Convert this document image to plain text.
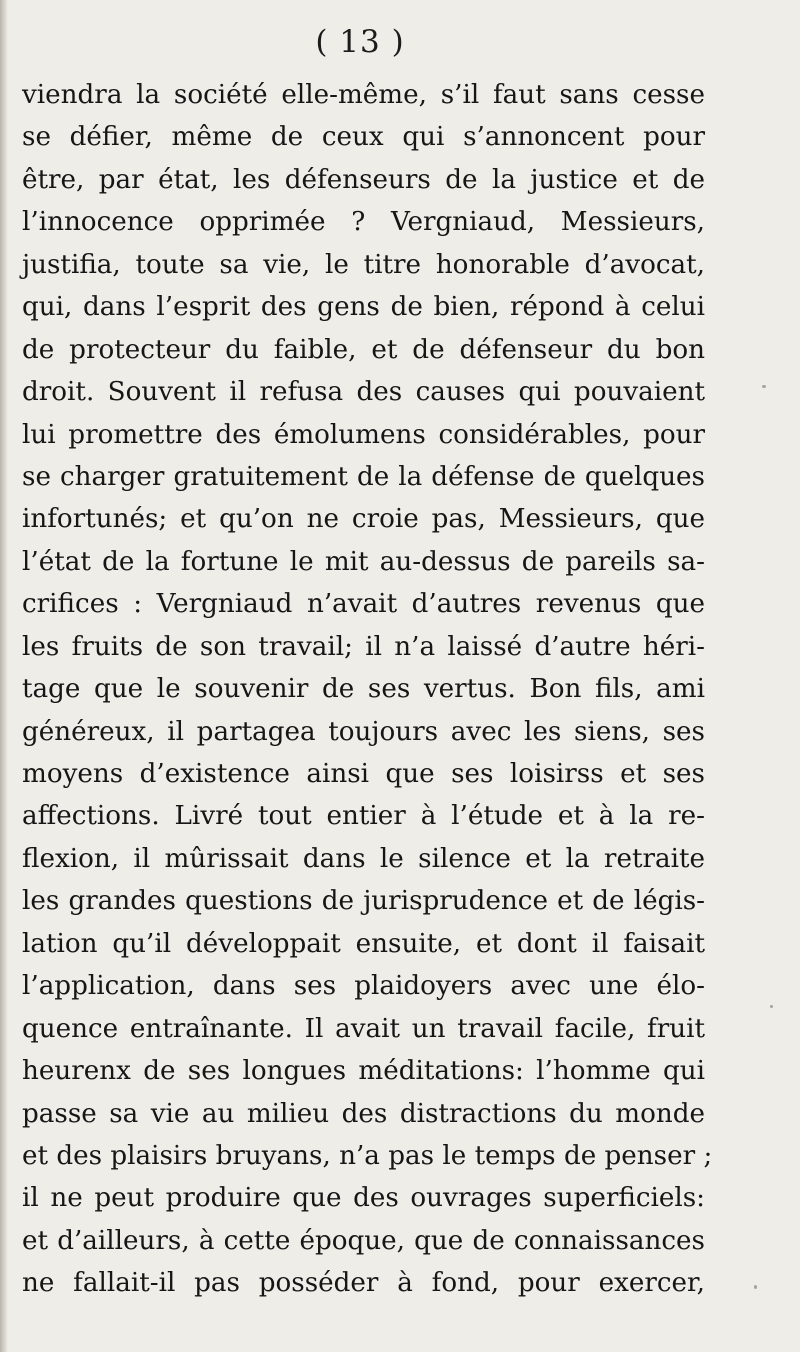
( 13 )

viendra la société elle-même, s’il faut sans cesse
se défier, même de ceux qui s’annoncent pour
être, par état, les défenseurs de la justice et de
l’innocence opprimée ? Vergniaud, Messieurs,
justifia, toute sa vie, le titre honorable d’avocat,
qui, dans l’esprit des gens de bien, répond à celui
de protecteur du faible, et de défenseur du bon
droit. Souvent il refusa des causes qui pouvaient
lui promettre des émolumens considérables, pour
se charger gratuitement de la défense de quelques
infortunés; et qu’on ne croie pas, Messieurs, que
l’état de la fortune le mit au-dessus de pareils sa-
crifices : Vergniaud n’avait d’autres revenus que
les fruits de son travail; il n’a laissé d’autre héri-
tage que le souvenir de ses vertus. Bon fils, ami
généreux, il partagea toujours avec les siens, ses
moyens d’existence ainsi que ses loisirss et ses
affections. Livré tout entier à l’étude et à la re-
flexion, il mûrissait dans le silence et la retraite
les grandes questions de jurisprudence et de légis-
lation qu’il développait ensuite, et dont il faisait
l’application, dans ses plaidoyers avec une élo-
quence entraînante. Il avait un travail facile, fruit
heurenx de ses longues méditations: l’homme qui
passe sa vie au milieu des distractions du monde
et des plaisirs bruyans, n’a pas le temps de penser ;
il ne peut produire que des ouvrages superficiels:
et d’ailleurs, à cette époque, que de connaissances
ne fallait-il pas posséder à fond, pour exercer,
